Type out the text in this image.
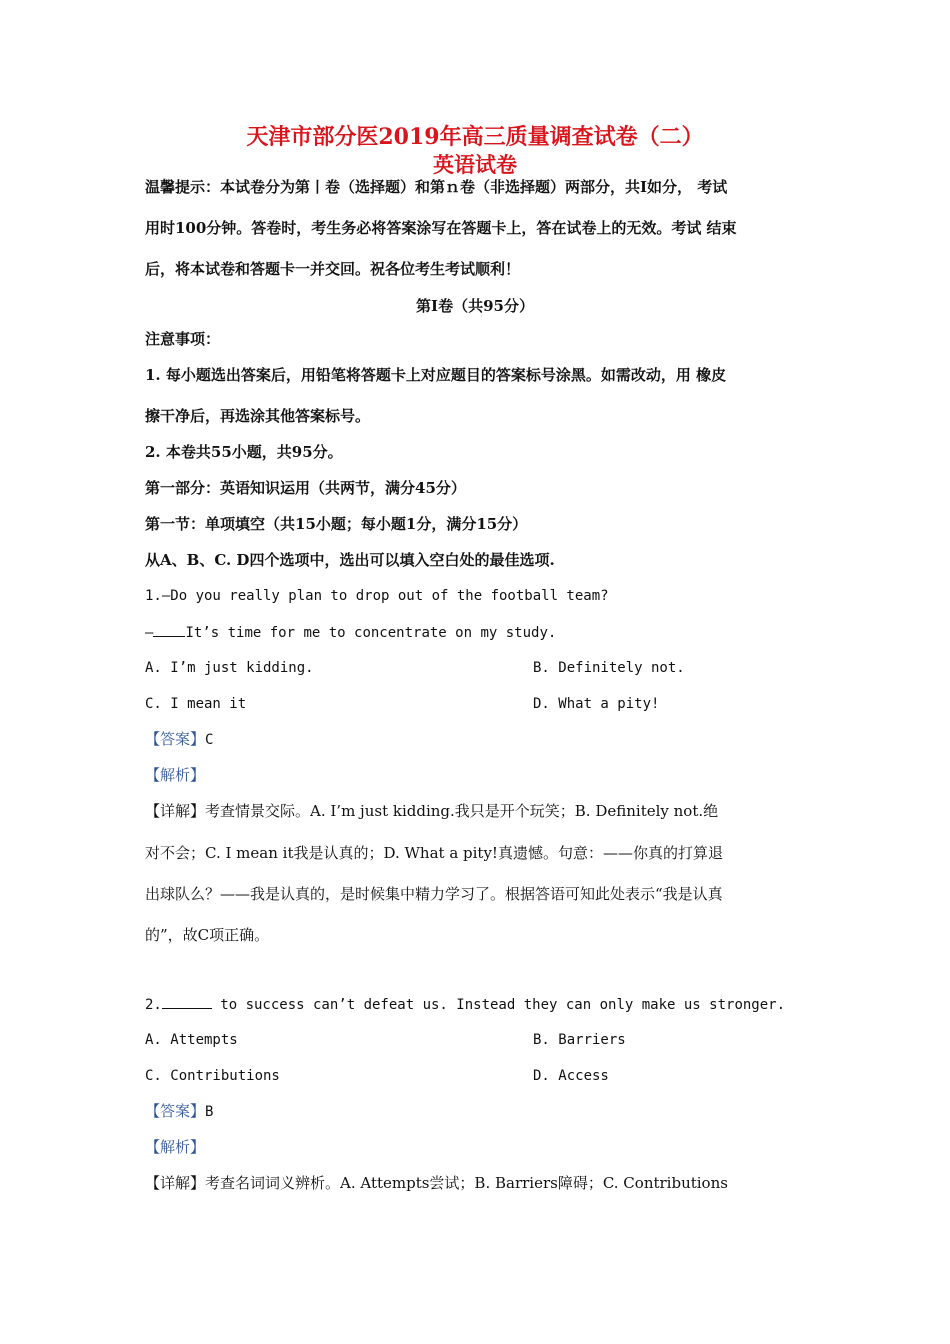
天津市部分医2019年高三质量调查试卷（二）
英语试卷
温馨提示：本试卷分为第丨卷（选择题）和第ｎ卷（非选择题）两部分，共I如分， 考试
用时100分钟。答卷时，考生务必将答案涂写在答题卡上，答在试卷上的无效。考试 结束
后，将本试卷和答题卡一并交回。祝各位考生考试顺利！
第I卷（共95分）
注意事项：
1. 每小题选出答案后，用铅笔将答题卡上对应题目的答案标号涂黑。如需改动，用 橡皮
擦干净后，再选涂其他答案标号。
2. 本卷共55小题，共95分。
第一部分：英语知识运用（共两节，满分45分）
第一节：单项填空（共15小题；每小题1分，满分15分）
从A、B、C. D四个选项中，选出可以填入空白处的最佳选项.
1.—Do you really plan to drop out of the football team?
— It’s time for me to concentrate on my study.
A. I’m just kidding.	B. Definitely not.
C. I mean it	D. What a pity!
【答案】C
【解析】
【详解】考查情景交际。A. I’m just kidding.我只是开个玩笑；B. Definitely not.绝
对不会；C. I mean it我是认真的；D. What a pity!真遗憾。句意：——你真的打算退
出球队么？——我是认真的，是时候集中精力学习了。根据答语可知此处表示“我是认真
的”，故C项正确。
2.	to success can’t defeat us. Instead they can only make us stronger.
A. Attempts	B. Barriers
C. Contributions	D. Access
【答案】B
【解析】
【详解】考查名词词义辨析。A. Attempts尝试；B. Barriers障碍；C. Contributions
